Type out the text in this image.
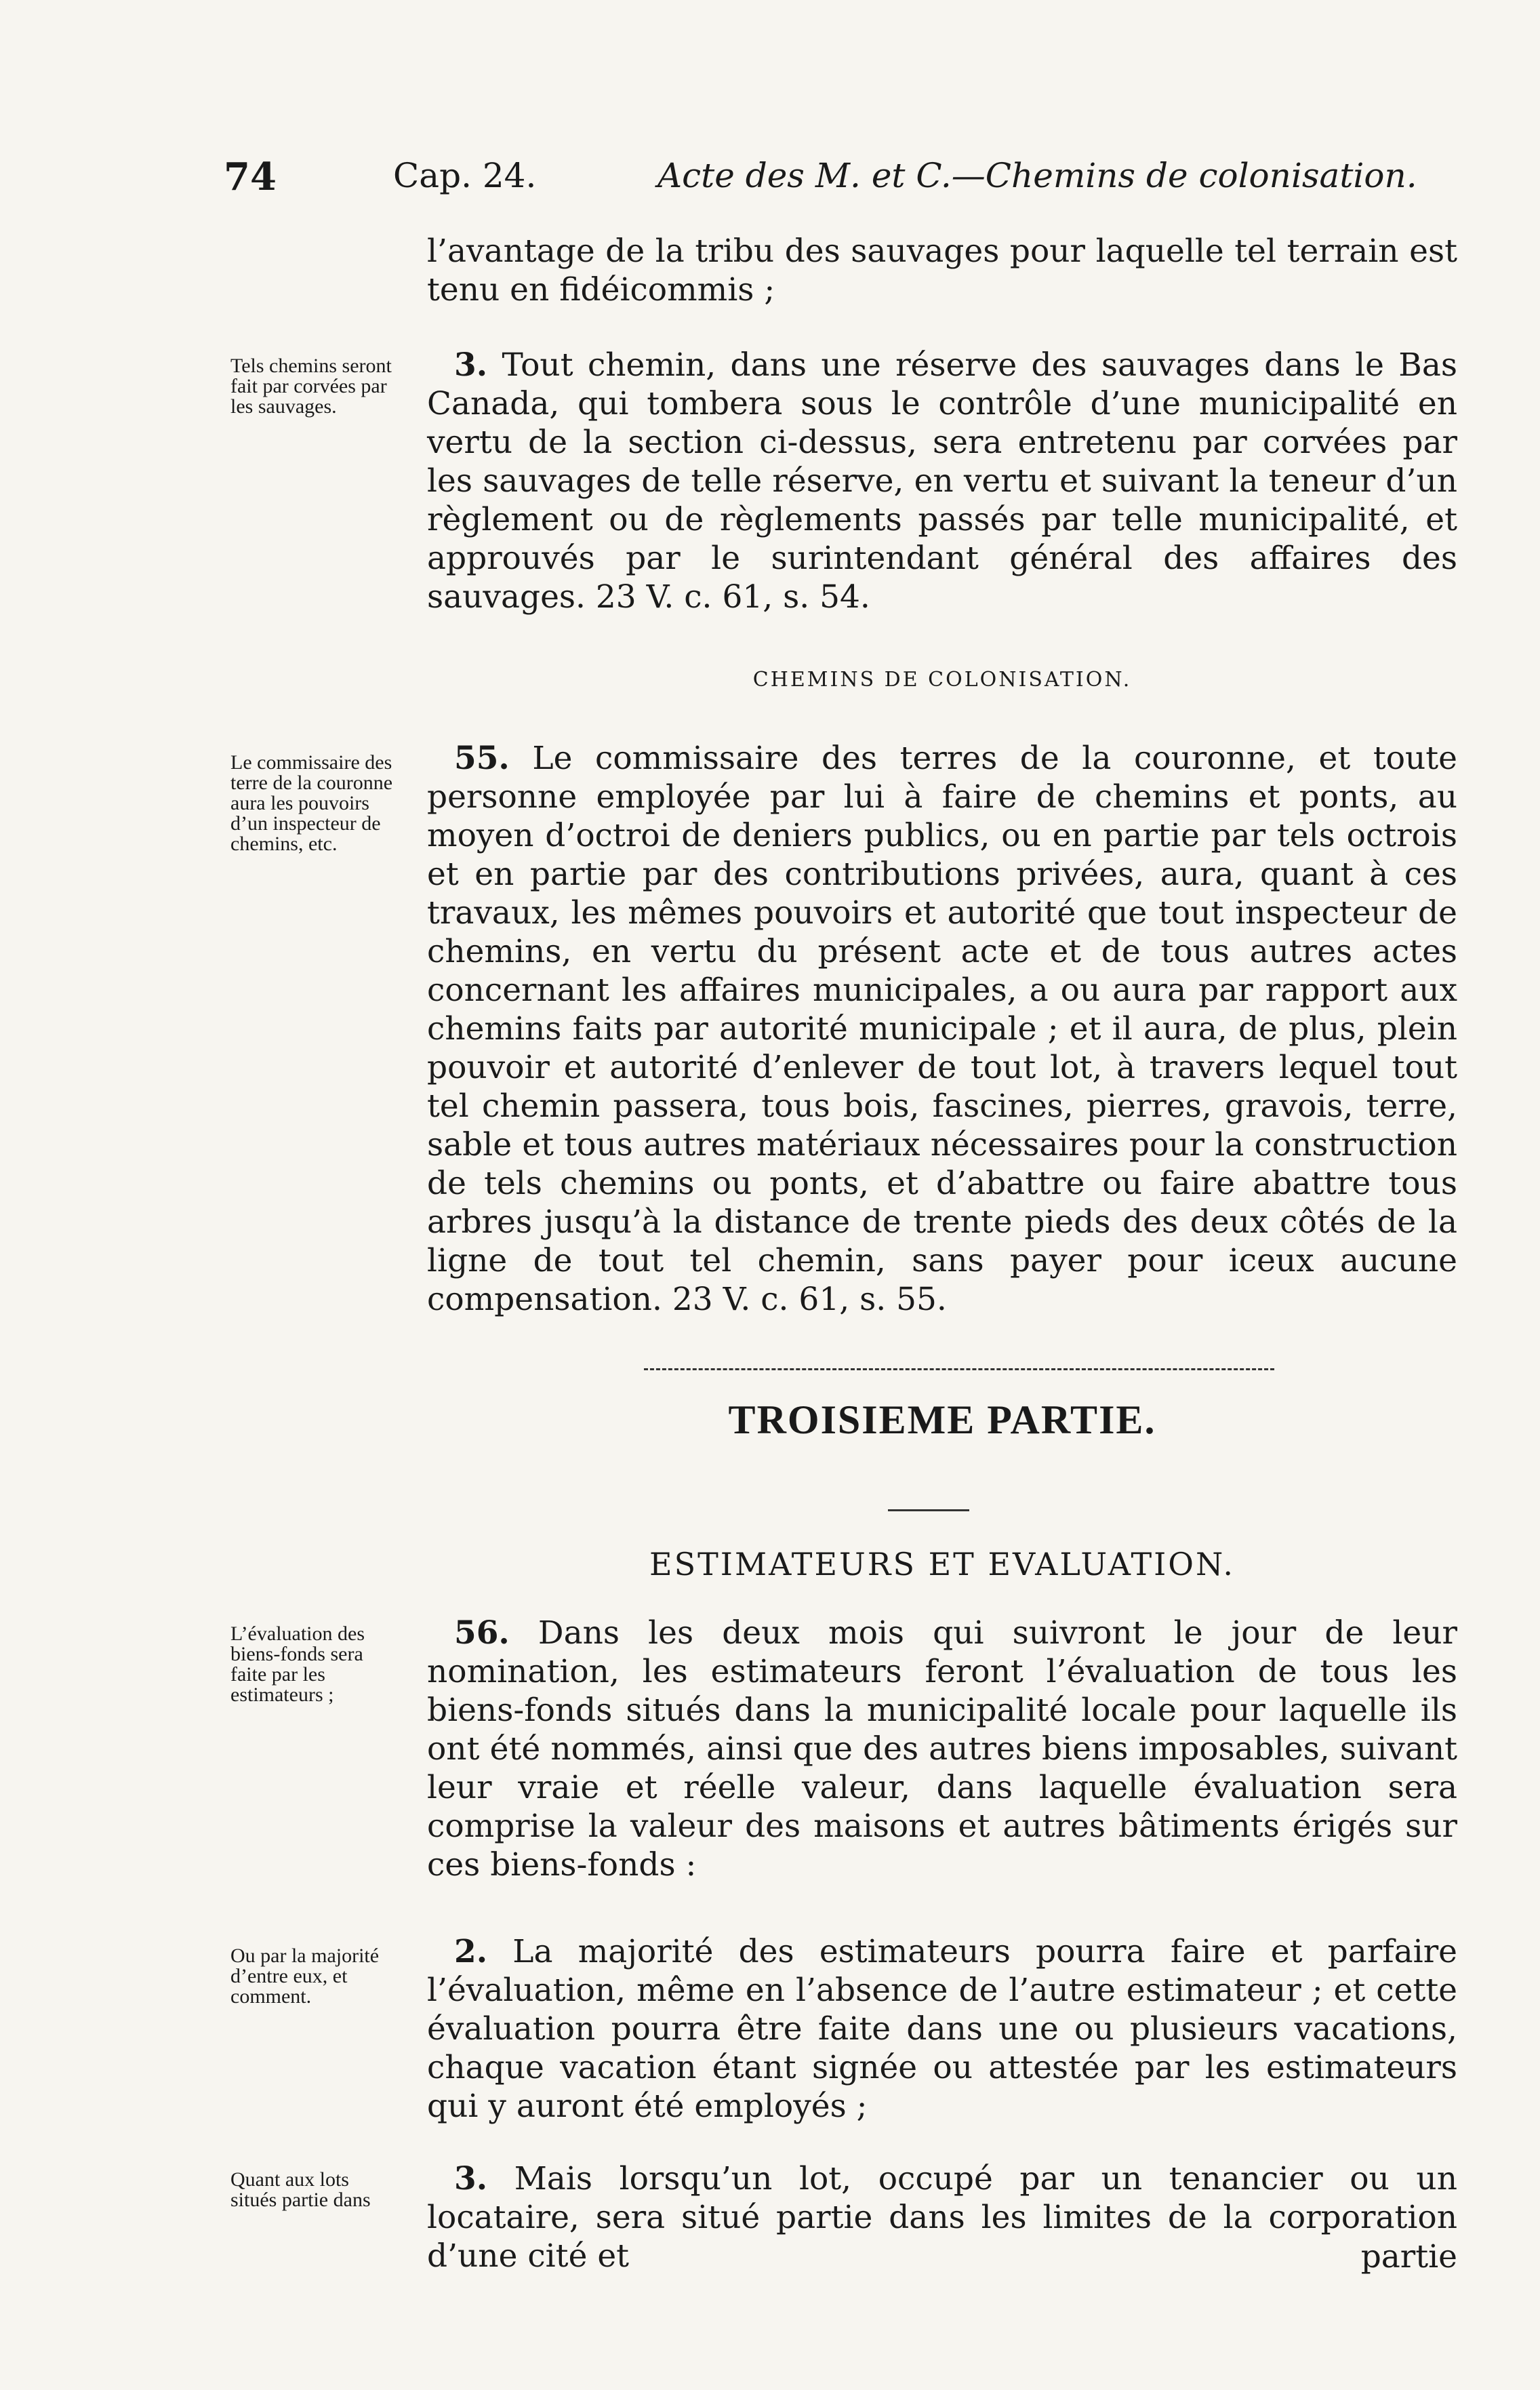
74	Cap. 24.	Acte des M. et C.—Chemins de colonisation.
l’avantage de la tribu des sauvages pour laquelle tel terrain est tenu en fidéicommis ;
Tels chemins seront fait par corvées par les sauvages.
3. Tout chemin, dans une réserve des sauvages dans le Bas Canada, qui tombera sous le contrôle d’une municipalité en vertu de la section ci-dessus, sera entretenu par corvées par les sauvages de telle réserve, en vertu et suivant la teneur d’un règlement ou de règlements passés par telle municipalité, et approuvés par le surintendant général des affaires des sauvages. 23 V. c. 61, s. 54.
CHEMINS DE COLONISATION.
Le commissaire des terre de la couronne aura les pouvoirs d’un inspecteur de chemins, etc.
55. Le commissaire des terres de la couronne, et toute personne employée par lui à faire de chemins et ponts, au moyen d’octroi de deniers publics, ou en partie par tels octrois et en partie par des contributions privées, aura, quant à ces travaux, les mêmes pouvoirs et autorité que tout inspecteur de chemins, en vertu du présent acte et de tous autres actes concernant les affaires municipales, a ou aura par rapport aux chemins faits par autorité municipale ; et il aura, de plus, plein pouvoir et autorité d’enlever de tout lot, à travers lequel tout tel chemin passera, tous bois, fascines, pierres, gravois, terre, sable et tous autres matériaux nécessaires pour la construction de tels chemins ou ponts, et d’abattre ou faire abattre tous arbres jusqu’à la distance de trente pieds des deux côtés de la ligne de tout tel chemin, sans payer pour iceux aucune compensation. 23 V. c. 61, s. 55.
TROISIEME PARTIE.
ESTIMATEURS ET EVALUATION.
L’évaluation des biens-fonds sera faite par les estimateurs ;
56. Dans les deux mois qui suivront le jour de leur nomination, les estimateurs feront l’évaluation de tous les biens-fonds situés dans la municipalité locale pour laquelle ils ont été nommés, ainsi que des autres biens imposables, suivant leur vraie et réelle valeur, dans laquelle évaluation sera comprise la valeur des maisons et autres bâtiments érigés sur ces biens-fonds :
Ou par la majorité d’entre eux, et comment.
2. La majorité des estimateurs pourra faire et parfaire l’évaluation, même en l’absence de l’autre estimateur ; et cette évaluation pourra être faite dans une ou plusieurs vacations, chaque vacation étant signée ou attestée par les estimateurs qui y auront été employés ;
Quant aux lots situés partie dans
3. Mais lorsqu’un lot, occupé par un tenancier ou un locataire, sera situé partie dans les limites de la corporation d’une cité et	partie
